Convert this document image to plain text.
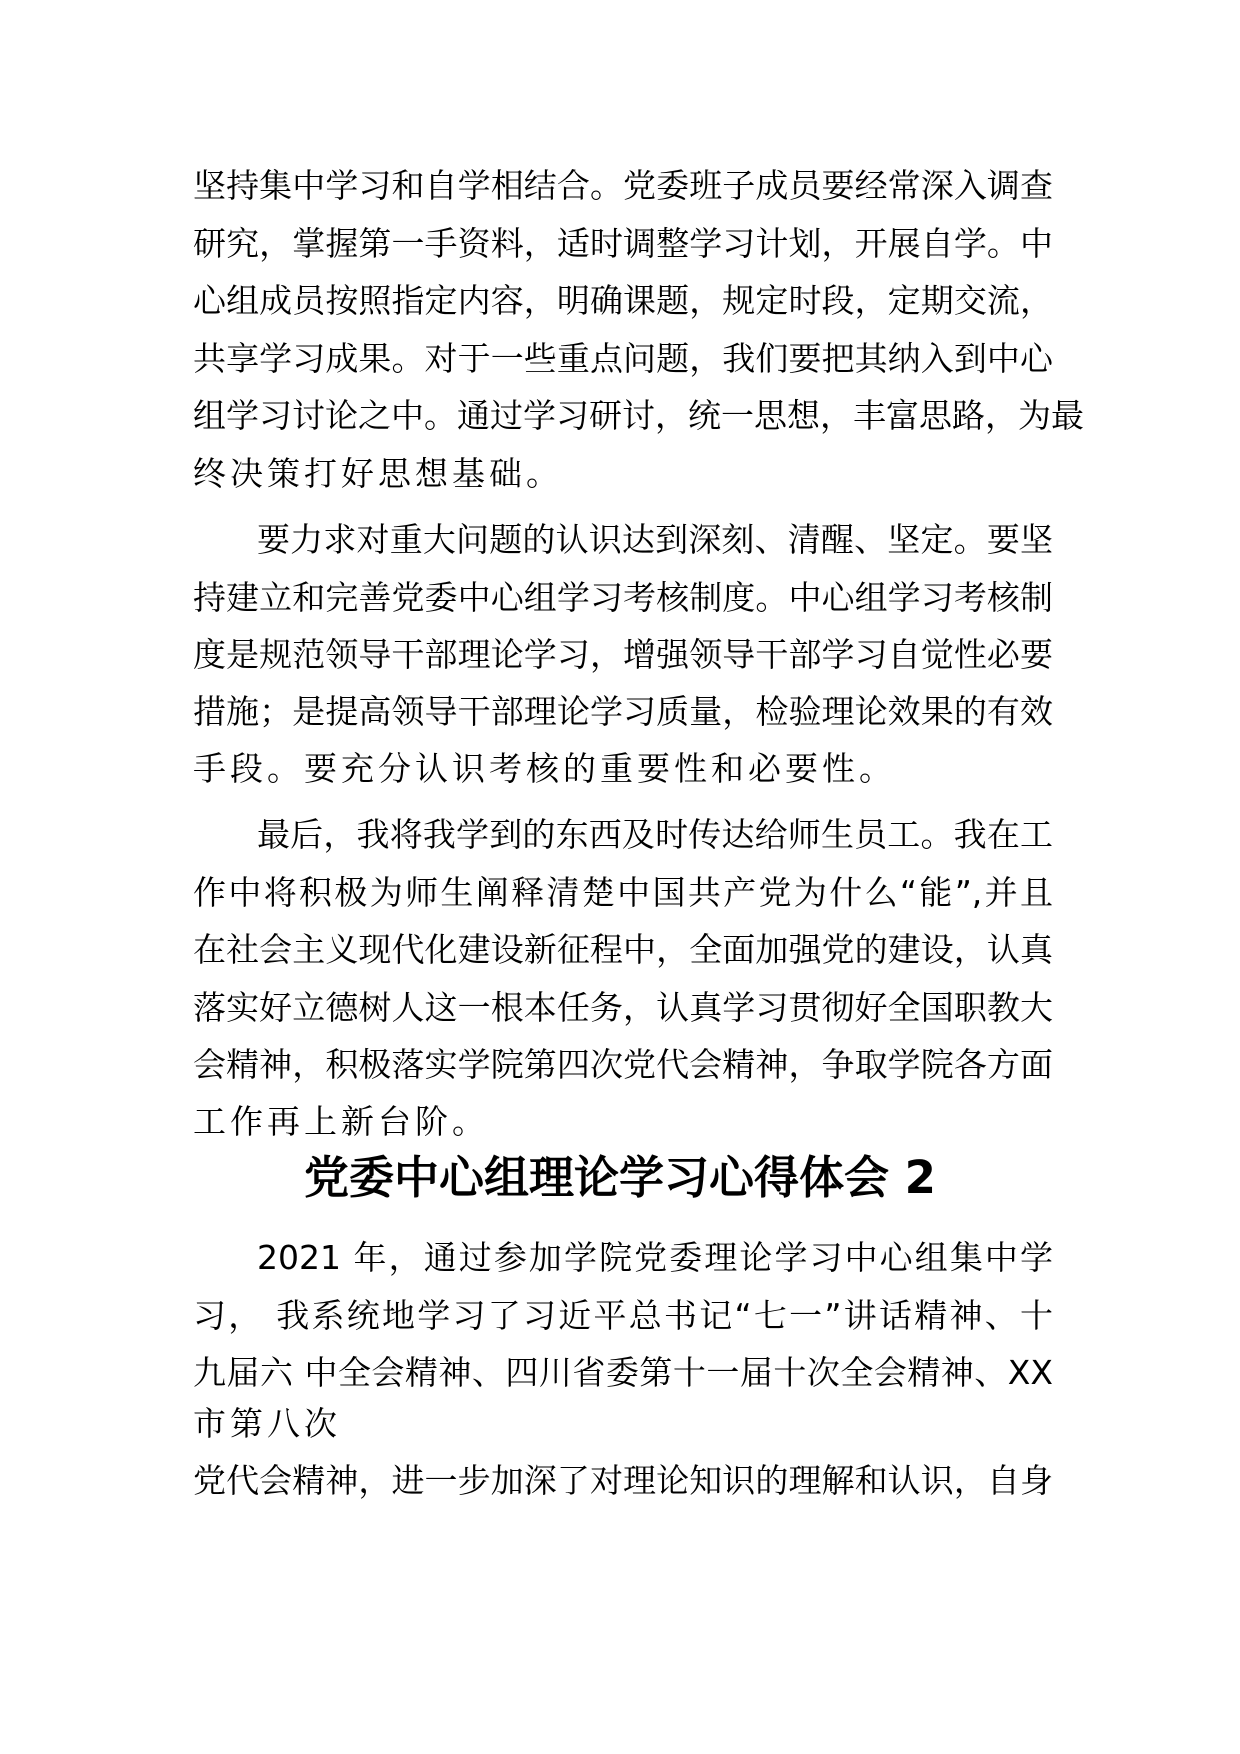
坚持集中学习和自学相结合。党委班子成员要经常深入调查
研究，掌握第一手资料，适时调整学习计划，开展自学。中
心组成员按照指定内容，明确课题，规定时段，定期交流，
共享学习成果。对于一些重点问题，我们要把其纳入到中心
组学习讨论之中。通过学习研讨，统一思想，丰富思路，为最
终决策打好思想基础。
要力求对重大问题的认识达到深刻、清醒、坚定。要坚
持建立和完善党委中心组学习考核制度。中心组学习考核制
度是规范领导干部理论学习，增强领导干部学习自觉性必要
措施；是提高领导干部理论学习质量，检验理论效果的有效
手段。要充分认识考核的重要性和必要性。
最后，我将我学到的东西及时传达给师生员工。我在工
作中将积极为师生阐释清楚中国共产党为什么“能”,并且
在社会主义现代化建设新征程中，全面加强党的建设，认真
落实好立德树人这一根本任务，认真学习贯彻好全国职教大
会精神，积极落实学院第四次党代会精神，争取学院各方面
工作再上新台阶。
党委中心组理论学习心得体会 2
2021 年，通过参加学院党委理论学习中心组集中学
习， 我系统地学习了习近平总书记“七一”讲话精神、十
九届六 中全会精神、四川省委第十一届十次全会精神、XX
市第八次
党代会精神，进一步加深了对理论知识的理解和认识，自身
